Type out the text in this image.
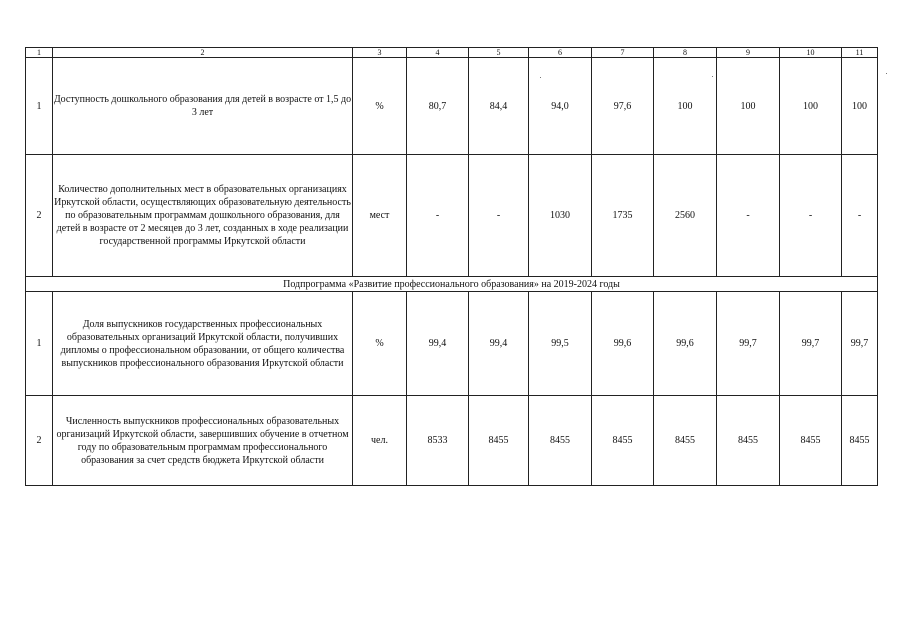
1	2	3	4	5	6	7	8	9	10	11
1	Доступность дошкольного образования для детей в возрасте от 1,5 до 3 лет	%	80,7	84,4	94,0	97,6	100	100	100	100
2	Количество дополнительных мест в образовательных организациях Иркутской области, осуществляющих образовательную деятельность по образовательным программам дошкольного образования, для детей в возрасте от 2 месяцев до 3 лет, созданных в ходе реализации государственной программы Иркутской области	мест	-	-	1030	1735	2560	-	-	-
Подпрограмма «Развитие профессионального образования» на 2019-2024 годы										
1	Доля выпускников государственных профессиональных образовательных организаций Иркутской области, получивших дипломы о профессиональном образовании, от общего количества выпускников профессионального образования Иркутской области	%	99,4	99,4	99,5	99,6	99,6	99,7	99,7	99,7
2	Численность выпускников профессиональных образовательных организаций Иркутской области, завершивших обучение в отчетном году по образовательным программам профессионального образования за счет средств бюджета Иркутской области	чел.	8533	8455	8455	8455	8455	8455	8455	8455
